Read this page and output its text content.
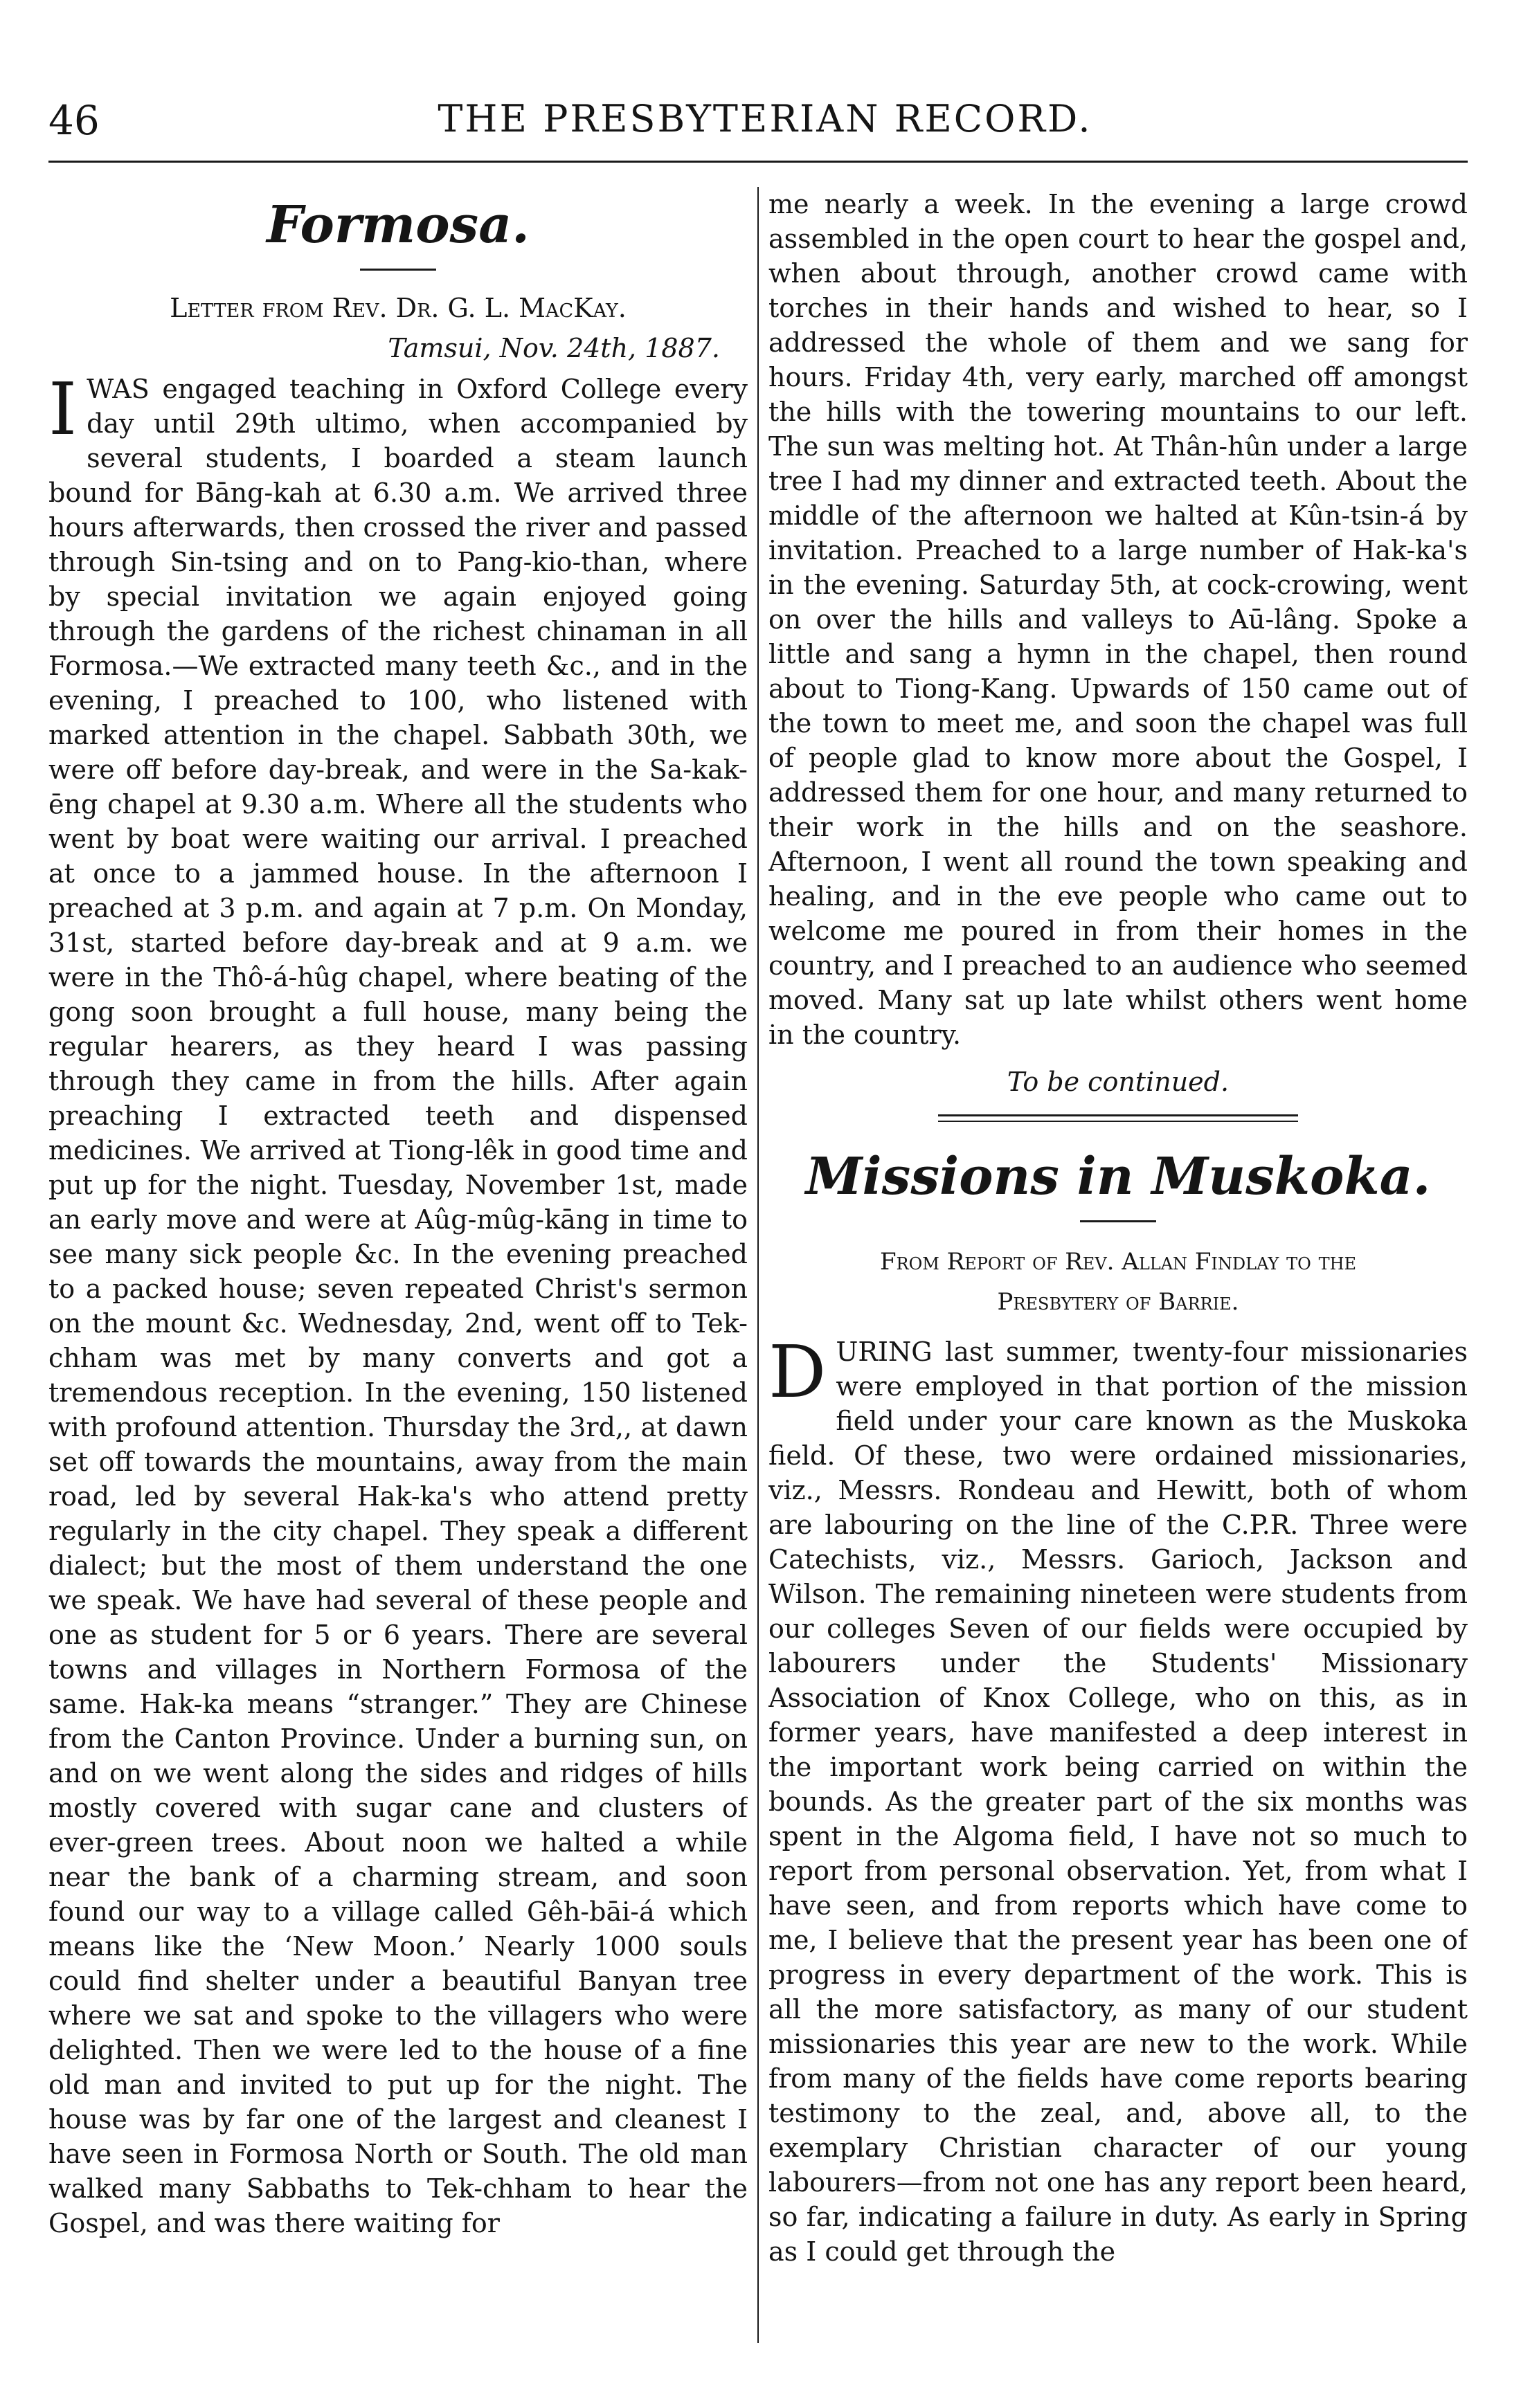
46	THE PRESBYTERIAN RECORD.
Formosa.
Letter from Rev. Dr. G. L. MacKay.
Tamsui, Nov. 24th, 1887.

IWAS engaged teaching in Oxford College every day until 29th ultimo, when accompanied by several students, I boarded a steam launch bound for Bāng-kah at 6.30 a.m. We arrived three hours afterwards, then crossed the river and passed through Sin-tsing and on to Pang-kio-than, where by special invitation we again enjoyed going through the gardens of the richest chinaman in all Formosa.—We extracted many teeth &c., and in the evening, I preached to 100, who listened with marked attention in the chapel. Sabbath 30th, we were off before day-break, and were in the Sa-kak-ēng chapel at 9.30 a.m. Where all the students who went by boat were waiting our arrival. I preached at once to a jammed house. In the afternoon I preached at 3 p.m. and again at 7 p.m. On Monday, 31st, started before day-break and at 9 a.m. we were in the Thô-á-hûg chapel, where beating of the gong soon brought a full house, many being the regular hearers, as they heard I was passing through they came in from the hills. After again preaching I extracted teeth and dispensed medicines. We arrived at Tiong-lêk in good time and put up for the night. Tuesday, November 1st, made an early move and were at Aûg-mûg-kāng in time to see many sick people &c. In the evening preached to a packed house; seven repeated Christ's sermon on the mount &c. Wednesday, 2nd, went off to Tek-chham was met by many converts and got a tremendous reception. In the evening, 150 listened with profound attention. Thursday the 3rd,, at dawn set off towards the mountains, away from the main road, led by several Hak-ka's who attend pretty regularly in the city chapel. They speak a different dialect; but the most of them understand the one we speak. We have had several of these people and one as student for 5 or 6 years. There are several towns and villages in Northern Formosa of the same. Hak-ka means “stranger.” They are Chinese from the Canton Province. Under a burning sun, on and on we went along the sides and ridges of hills mostly covered with sugar cane and clusters of ever-green trees. About noon we halted a while near the bank of a charming stream, and soon found our way to a village called Gêh-bāi-á which means like the ‘New Moon.’ Nearly 1000 souls could find shelter under a beautiful Banyan tree where we sat and spoke to the villagers who were delighted. Then we were led to the house of a fine old man and invited to put up for the night. The house was by far one of the largest and cleanest I have seen in Formosa North or South. The old man walked many Sabbaths to Tek-chham to hear the Gospel, and was there waiting for

me nearly a week. In the evening a large crowd assembled in the open court to hear the gospel and, when about through, another crowd came with torches in their hands and wished to hear, so I addressed the whole of them and we sang for hours. Friday 4th, very early, marched off amongst the hills with the towering mountains to our left. The sun was melting hot. At Thân-hûn under a large tree I had my dinner and extracted teeth. About the middle of the afternoon we halted at Kûn-tsin-á by invitation. Preached to a large number of Hak-ka's in the evening. Saturday 5th, at cock-crowing, went on over the hills and valleys to Aū-lâng. Spoke a little and sang a hymn in the chapel, then round about to Tiong-Kang. Upwards of 150 came out of the town to meet me, and soon the chapel was full of people glad to know more about the Gospel, I addressed them for one hour, and many returned to their work in the hills and on the seashore. Afternoon, I went all round the town speaking and healing, and in the eve people who came out to welcome me poured in from their homes in the country, and I preached to an audience who seemed moved. Many sat up late whilst others went home in the country.

To be continued.
Missions in Muskoka.
From Report of Rev. Allan Findlay to the
Presbytery of Barrie.

DURING last summer, twenty-four missionaries were employed in that portion of the mission field under your care known as the Muskoka field. Of these, two were ordained missionaries, viz., Messrs. Rondeau and Hewitt, both of whom are labouring on the line of the C.P.R. Three were Catechists, viz., Messrs. Garioch, Jackson and Wilson. The remaining nineteen were students from our colleges Seven of our fields were occupied by labourers under the Students' Missionary Association of Knox College, who on this, as in former years, have manifested a deep interest in the important work being carried on within the bounds. As the greater part of the six months was spent in the Algoma field, I have not so much to report from personal observation. Yet, from what I have seen, and from reports which have come to me, I believe that the present year has been one of progress in every department of the work. This is all the more satisfactory, as many of our student missionaries this year are new to the work. While from many of the fields have come reports bearing testimony to the zeal, and, above all, to the exemplary Christian character of our young labourers—from not one has any report been heard, so far, indicating a failure in duty. As early in Spring as I could get through the
